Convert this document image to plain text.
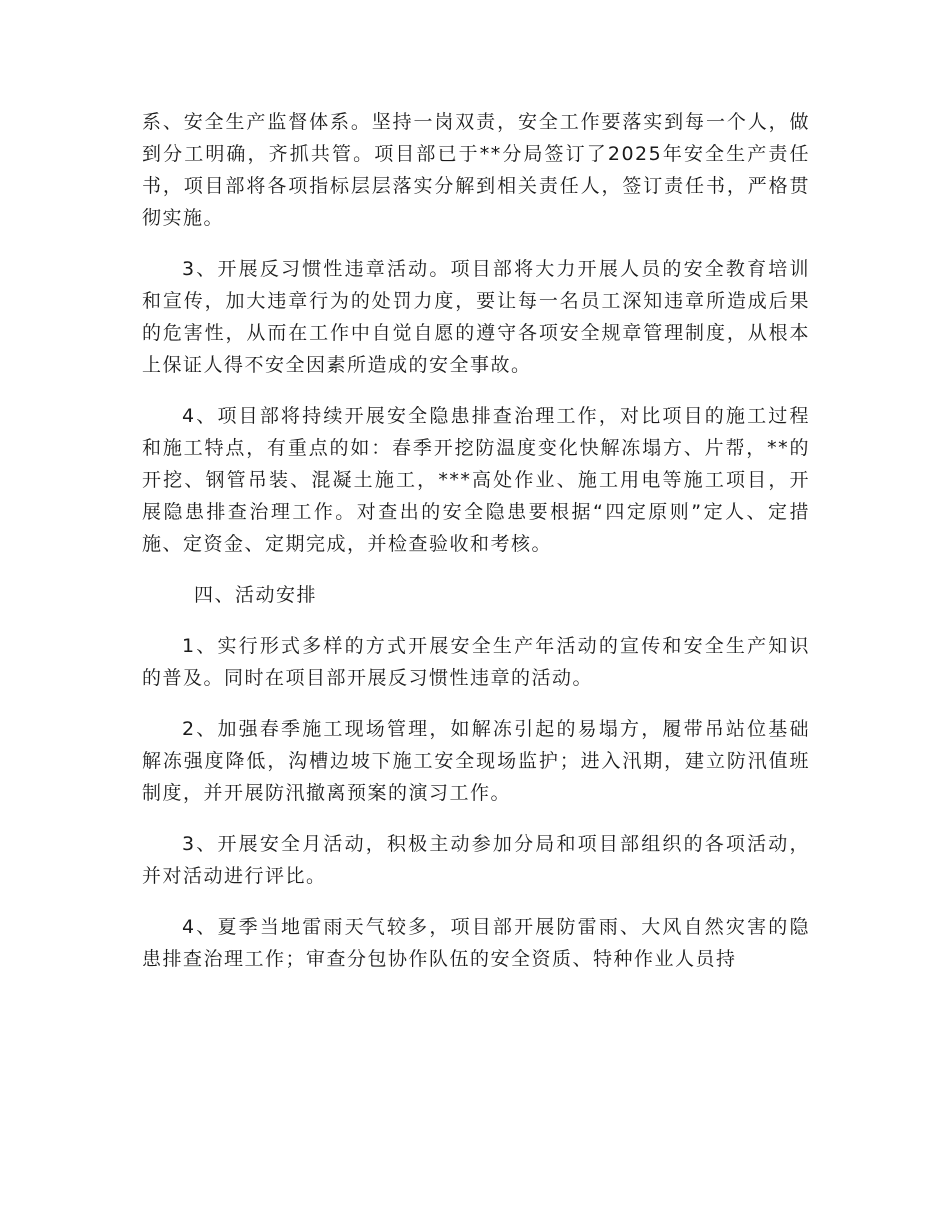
系、安全生产监督体系。坚持一岗双责，安全工作要落实到每一个人，做到分工明确，齐抓共管。项目部已于**分局签订了2025年安全生产责任书，项目部将各项指标层层落实分解到相关责任人，签订责任书，严格贯彻实施。

3、开展反习惯性违章活动。项目部将大力开展人员的安全教育培训和宣传，加大违章行为的处罚力度，要让每一名员工深知违章所造成后果的危害性，从而在工作中自觉自愿的遵守各项安全规章管理制度，从根本上保证人得不安全因素所造成的安全事故。

4、项目部将持续开展安全隐患排查治理工作，对比项目的施工过程和施工特点，有重点的如：春季开挖防温度变化快解冻塌方、片帮，**的开挖、钢管吊装、混凝土施工，***高处作业、施工用电等施工项目，开展隐患排查治理工作。对查出的安全隐患要根据“四定原则”定人、定措施、定资金、定期完成，并检查验收和考核。

四、活动安排

1、实行形式多样的方式开展安全生产年活动的宣传和安全生产知识的普及。同时在项目部开展反习惯性违章的活动。

2、加强春季施工现场管理，如解冻引起的易塌方，履带吊站位基础解冻强度降低，沟槽边坡下施工安全现场监护；进入汛期，建立防汛值班制度，并开展防汛撤离预案的演习工作。

3、开展安全月活动，积极主动参加分局和项目部组织的各项活动，并对活动进行评比。

4、夏季当地雷雨天气较多，项目部开展防雷雨、大风自然灾害的隐患排查治理工作；审查分包协作队伍的安全资质、特种作业人员持
